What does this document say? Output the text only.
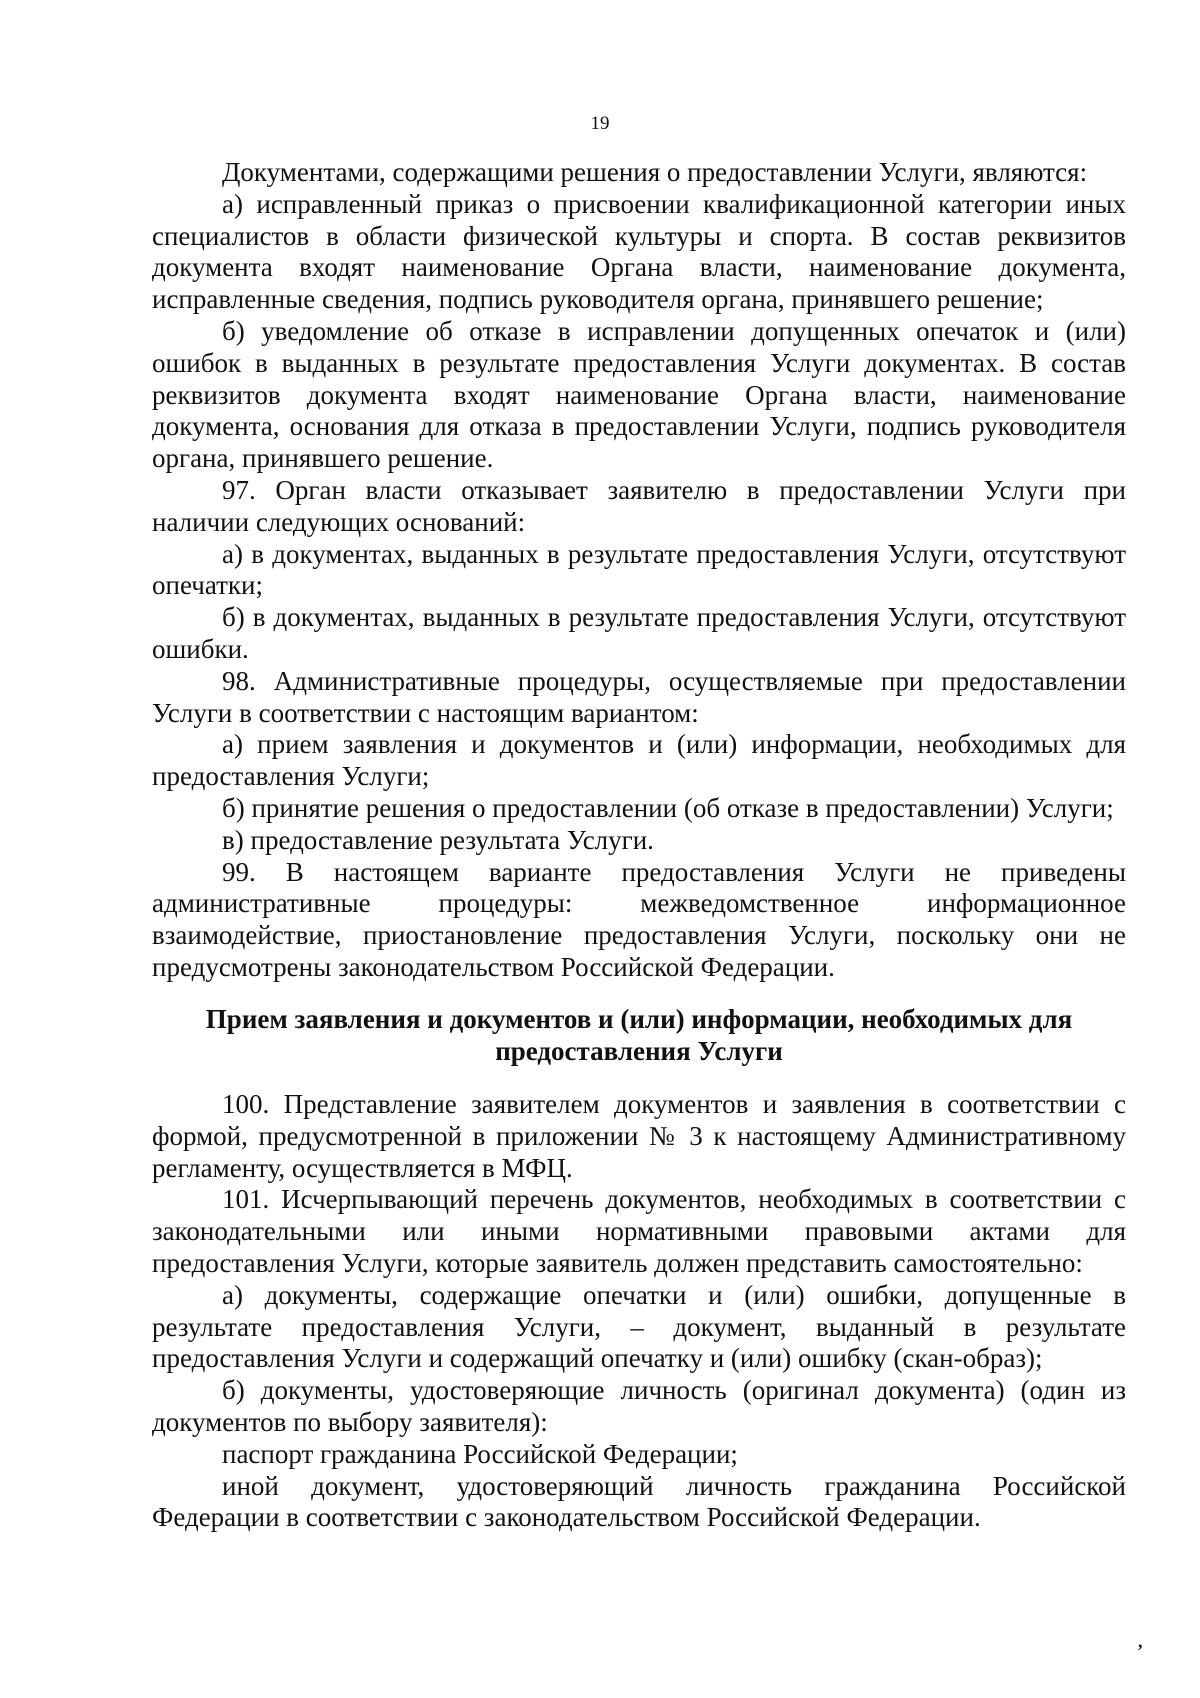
19

Документами, содержащими решения о предоставлении Услуги, являются:

а) исправленный приказ о присвоении квалификационной категории иных специалистов в области физической культуры и спорта. В состав реквизитов документа входят наименование Органа власти, наименование документа, исправленные сведения, подпись руководителя органа, принявшего решение;

б) уведомление об отказе в исправлении допущенных опечаток и (или) ошибок в выданных в результате предоставления Услуги документах. В состав реквизитов документа входят наименование Органа власти, наименование документа, основания для отказа в предоставлении Услуги, подпись руководителя органа, принявшего решение.

97. Орган власти отказывает заявителю в предоставлении Услуги при наличии следующих оснований:

а) в документах, выданных в результате предоставления Услуги, отсутствуют опечатки;

б) в документах, выданных в результате предоставления Услуги, отсутствуют ошибки.

98. Административные процедуры, осуществляемые при предоставлении Услуги в соответствии с настоящим вариантом:

а) прием заявления и документов и (или) информации, необходимых для предоставления Услуги;

б) принятие решения о предоставлении (об отказе в предоставлении) Услуги;

в) предоставление результата Услуги.

99. В настоящем варианте предоставления Услуги не приведены административные процедуры: межведомственное информационное взаимодействие, приостановление предоставления Услуги, поскольку они не предусмотрены законодательством Российской Федерации.

Прием заявления и документов и (или) информации, необходимых для
предоставления Услуги

100. Представление заявителем документов и заявления в соответствии с формой, предусмотренной в приложении № 3 к настоящему Административному регламенту, осуществляется в МФЦ.

101. Исчерпывающий перечень документов, необходимых в соответствии с законодательными или иными нормативными правовыми актами для предоставления Услуги, которые заявитель должен представить самостоятельно:

а) документы, содержащие опечатки и (или) ошибки, допущенные в результате предоставления Услуги, – документ, выданный в результате предоставления Услуги и содержащий опечатку и (или) ошибку (скан-образ);

б) документы, удостоверяющие личность (оригинал документа) (один из документов по выбору заявителя):

паспорт гражданина Российской Федерации;

иной документ, удостоверяющий личность гражданина Российской Федерации в соответствии с законодательством Российской Федерации.

,
